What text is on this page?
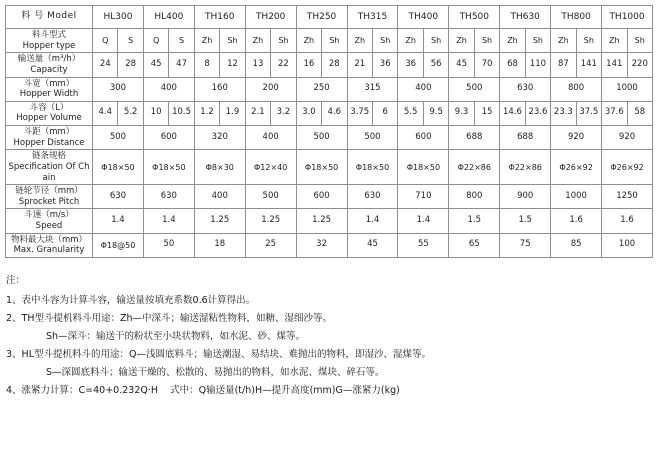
料 号 Model	HL300		HL400		TH160		TH200		TH250		TH315		TH400		TH500		TH630		TH800		TH1000	

料斗型式
Hopper type	Q	S	Q	S	Zh	Sh	Zh	Sh	Zh	Sh	Zh	Sh	Zh	Sh	Zh	Sh	Zh	Sh	Zh	Sh	Zh	Sh

输送量（m³/h）
Capacity	24	28	45	47	8	12	13	22	16	28	21	36	36	56	45	70	68	110	87	141	141	220

斗宽（mm）
Hopper Width	300		400		160		200		250		315		400		500		630		800		1000	

斗容（L）
Hopper Volume	4.4	5.2	10	10.5	1.2	1.9	2.1	3.2	3.0	4.6	3.75	6	5.5	9.5	9.3	15	14.6	23.6	23.3	37.5	37.6	58

斗距（mm）
Hopper Distance	500		600		320		400		500		500		600		688		688		920		920	

链条规格
Specification Of Chain	Φ18×50		Φ18×50		Φ8×30		Φ12×40		Φ18×50		Φ18×50		Φ18×50		Φ22×86		Φ22×86		Φ26×92		Φ26×92	

链轮节径（mm）
Sprocket Pitch	630		630		400		500		600		630		710		800		900		1000		1250	

斗速（m/s）
Speed	1.4		1.4		1.25		1.25		1.25		1.4		1.4		1.5		1.5		1.6		1.6	

物料最大块（mm）
Max. Granularity	Φ18@50		50		18		25		32		45		55		65		75		85		100	
注：
1、表中斗容为计算斗容，输送量按填充系数0.6计算得出。
2、TH型斗提机料斗用途：Zh—中深斗；输送湿粘性物料，如糖、湿细沙等。
Sh—深斗：输送干的粉状至小块状物料，如水泥、砂、煤等。
3、HL型斗提机料斗的用途：Q—浅圆底料斗；输送潮湿、易结块、难抛出的物料，即湿沙、湿煤等。
S—深圆底料斗；输送干燥的、松散的、易抛出的物料，如水泥、煤块、碎石等。
4、涨紧力计算：C=40+0.232Q·H    式中：Q输送量(t/h)H—提升高度(mm)G—涨紧力(kg)
